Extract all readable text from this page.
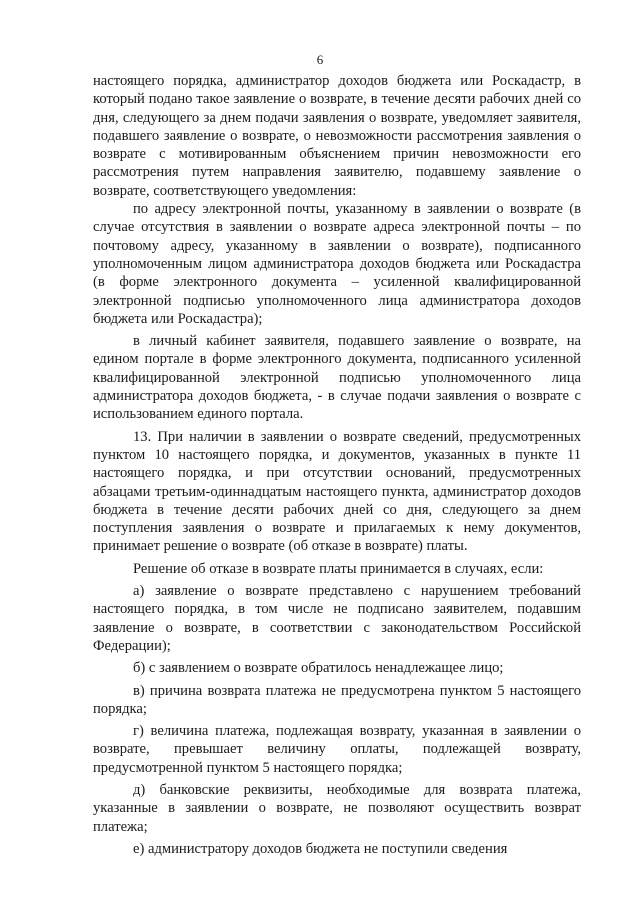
6

настоящего порядка, администратор доходов бюджета или Роскадастр, в который подано такое заявление о возврате, в течение десяти рабочих дней со дня, следующего за днем подачи заявления о возврате, уведомляет заявителя, подавшего заявление о возврате, о невозможности рассмотрения заявления о возврате с мотивированным объяснением причин невозможности его рассмотрения путем направления заявителю, подавшему заявление о возврате, соответствующего уведомления:

по адресу электронной почты, указанному в заявлении о возврате (в случае отсутствия в заявлении о возврате адреса электронной почты – по почтовому адресу, указанному в заявлении о возврате), подписанного уполномоченным лицом администратора доходов бюджета или Роскадастра (в форме электронного документа – усиленной квалифицированной электронной подписью уполномоченного лица администратора доходов бюджета или Роскадастра);

в личный кабинет заявителя, подавшего заявление о возврате, на едином портале в форме электронного документа, подписанного усиленной квалифицированной электронной подписью уполномоченного лица администратора доходов бюджета, - в случае подачи заявления о возврате с использованием единого портала.

13. При наличии в заявлении о возврате сведений, предусмотренных пунктом 10 настоящего порядка, и документов, указанных в пункте 11 настоящего порядка, и при отсутствии оснований, предусмотренных абзацами третьим-одиннадцатым настоящего пункта, администратор доходов бюджета в течение десяти рабочих дней со дня, следующего за днем поступления заявления о возврате и прилагаемых к нему документов, принимает решение о возврате (об отказе в возврате) платы.

Решение об отказе в возврате платы принимается в случаях, если:

а) заявление о возврате представлено с нарушением требований настоящего порядка, в том числе не подписано заявителем, подавшим заявление о возврате, в соответствии с законодательством Российской Федерации);

б) с заявлением о возврате обратилось ненадлежащее лицо;

в) причина возврата платежа не предусмотрена пунктом 5 настоящего порядка;

г) величина платежа, подлежащая возврату, указанная в заявлении о возврате, превышает величину оплаты, подлежащей возврату, предусмотренной пунктом 5 настоящего порядка;

д) банковские реквизиты, необходимые для возврата платежа, указанные в заявлении о возврате, не позволяют осуществить возврат платежа;

е) администратору доходов бюджета не поступили сведения
